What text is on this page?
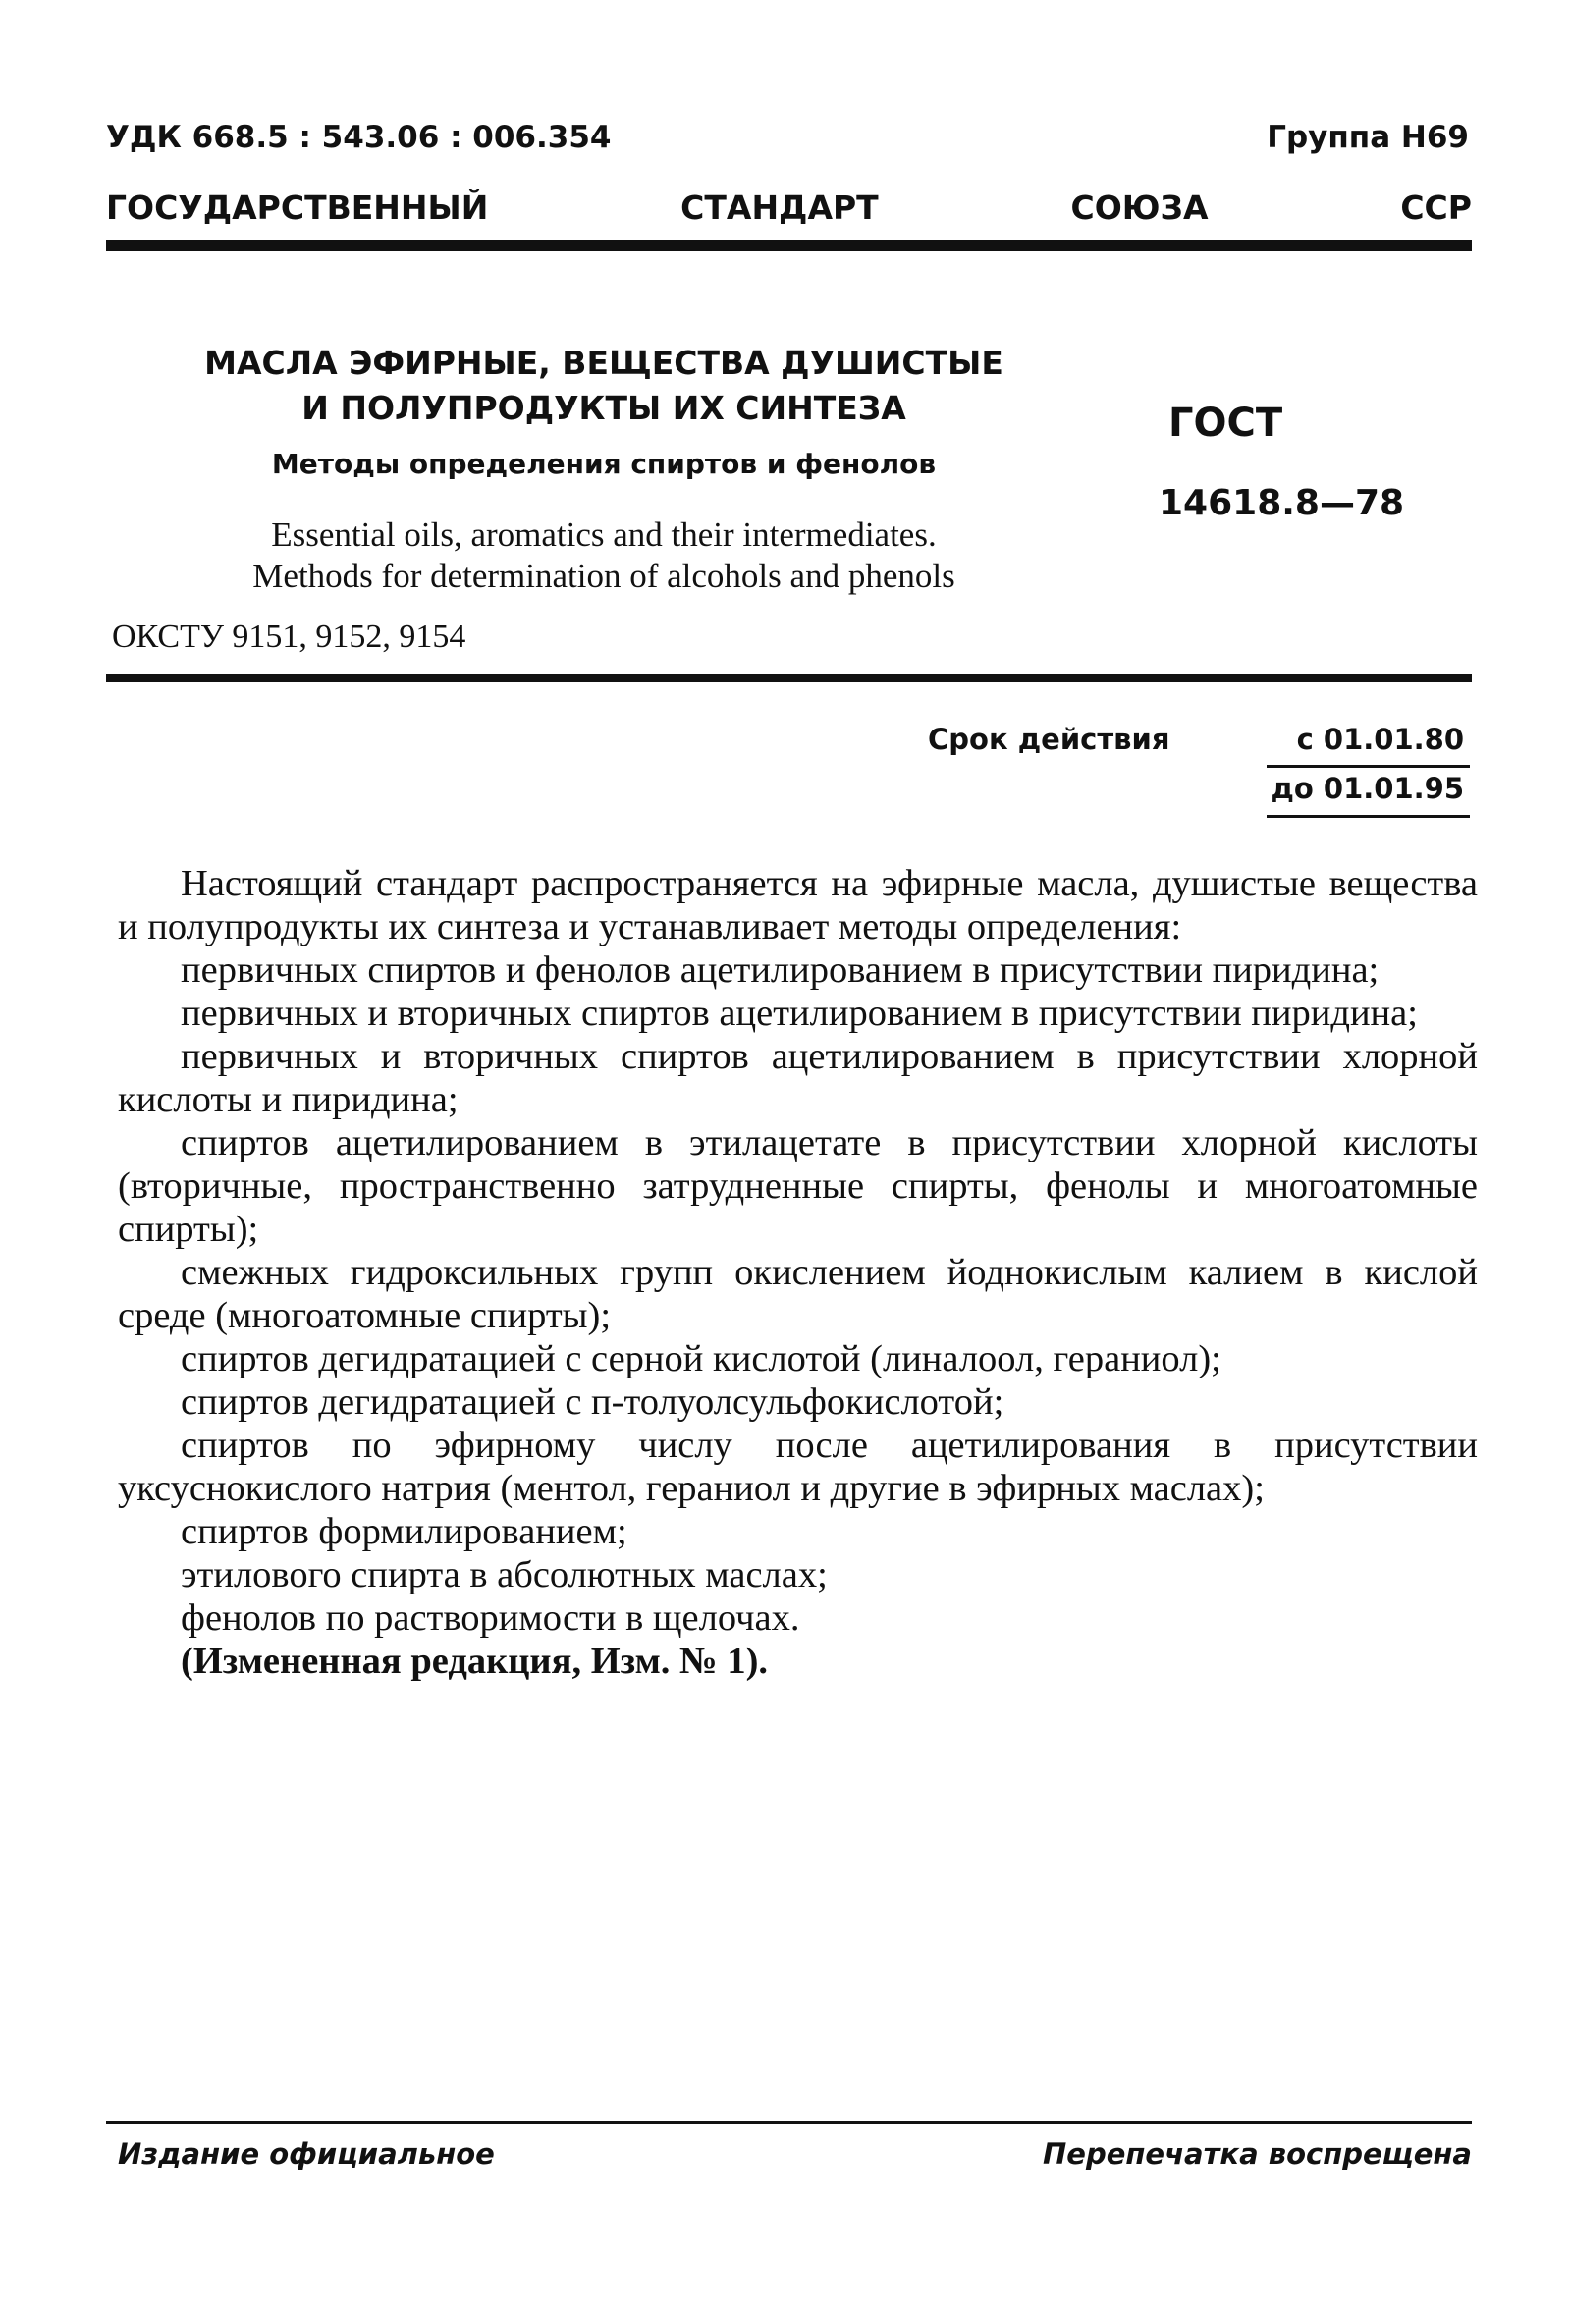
УДК 668.5 : 543.06 : 006.354	Группа Н69
ГОСУДАРСТВЕННЫЙ	СТАНДАРТ	СОЮЗА	ССР
МАСЛА ЭФИРНЫЕ, ВЕЩЕСТВА ДУШИСТЫЕ
И ПОЛУПРОДУКТЫ ИХ СИНТЕЗА
Методы определения спиртов и фенолов
Essential oils, aromatics and their intermediates.
Methods for determination of alcohols and phenols
ГОСТ
14618.8—78
ОКСТУ 9151, 9152, 9154
Срок действия	с 01.01.80
до 01.01.95

Настоящий стандарт распространяется на эфирные масла, душистые вещества и полупродукты их синтеза и устанавливает методы определения:

первичных спиртов и фенолов ацетилированием в присутствии пиридина;

первичных и вторичных спиртов ацетилированием в присутствии пиридина;

первичных и вторичных спиртов ацетилированием в присутствии хлорной кислоты и пиридина;

спиртов ацетилированием в этилацетате в присутствии хлорной кислоты (вторичные, пространственно затрудненные спирты, фенолы и многоатомные спирты);

смежных гидроксильных групп окислением йоднокислым калием в кислой среде (многоатомные спирты);

спиртов дегидратацией с серной кислотой (линалоол, гераниол);

спиртов дегидратацией с п-толуолсульфокислотой;

спиртов по эфирному числу после ацетилирования в присутствии уксуснокислого натрия (ментол, гераниол и другие в эфирных маслах);

спиртов формилированием;

этилового спирта в абсолютных маслах;

фенолов по растворимости в щелочах.

(Измененная редакция, Изм. № 1).

Издание официальное	Перепечатка воспрещена
